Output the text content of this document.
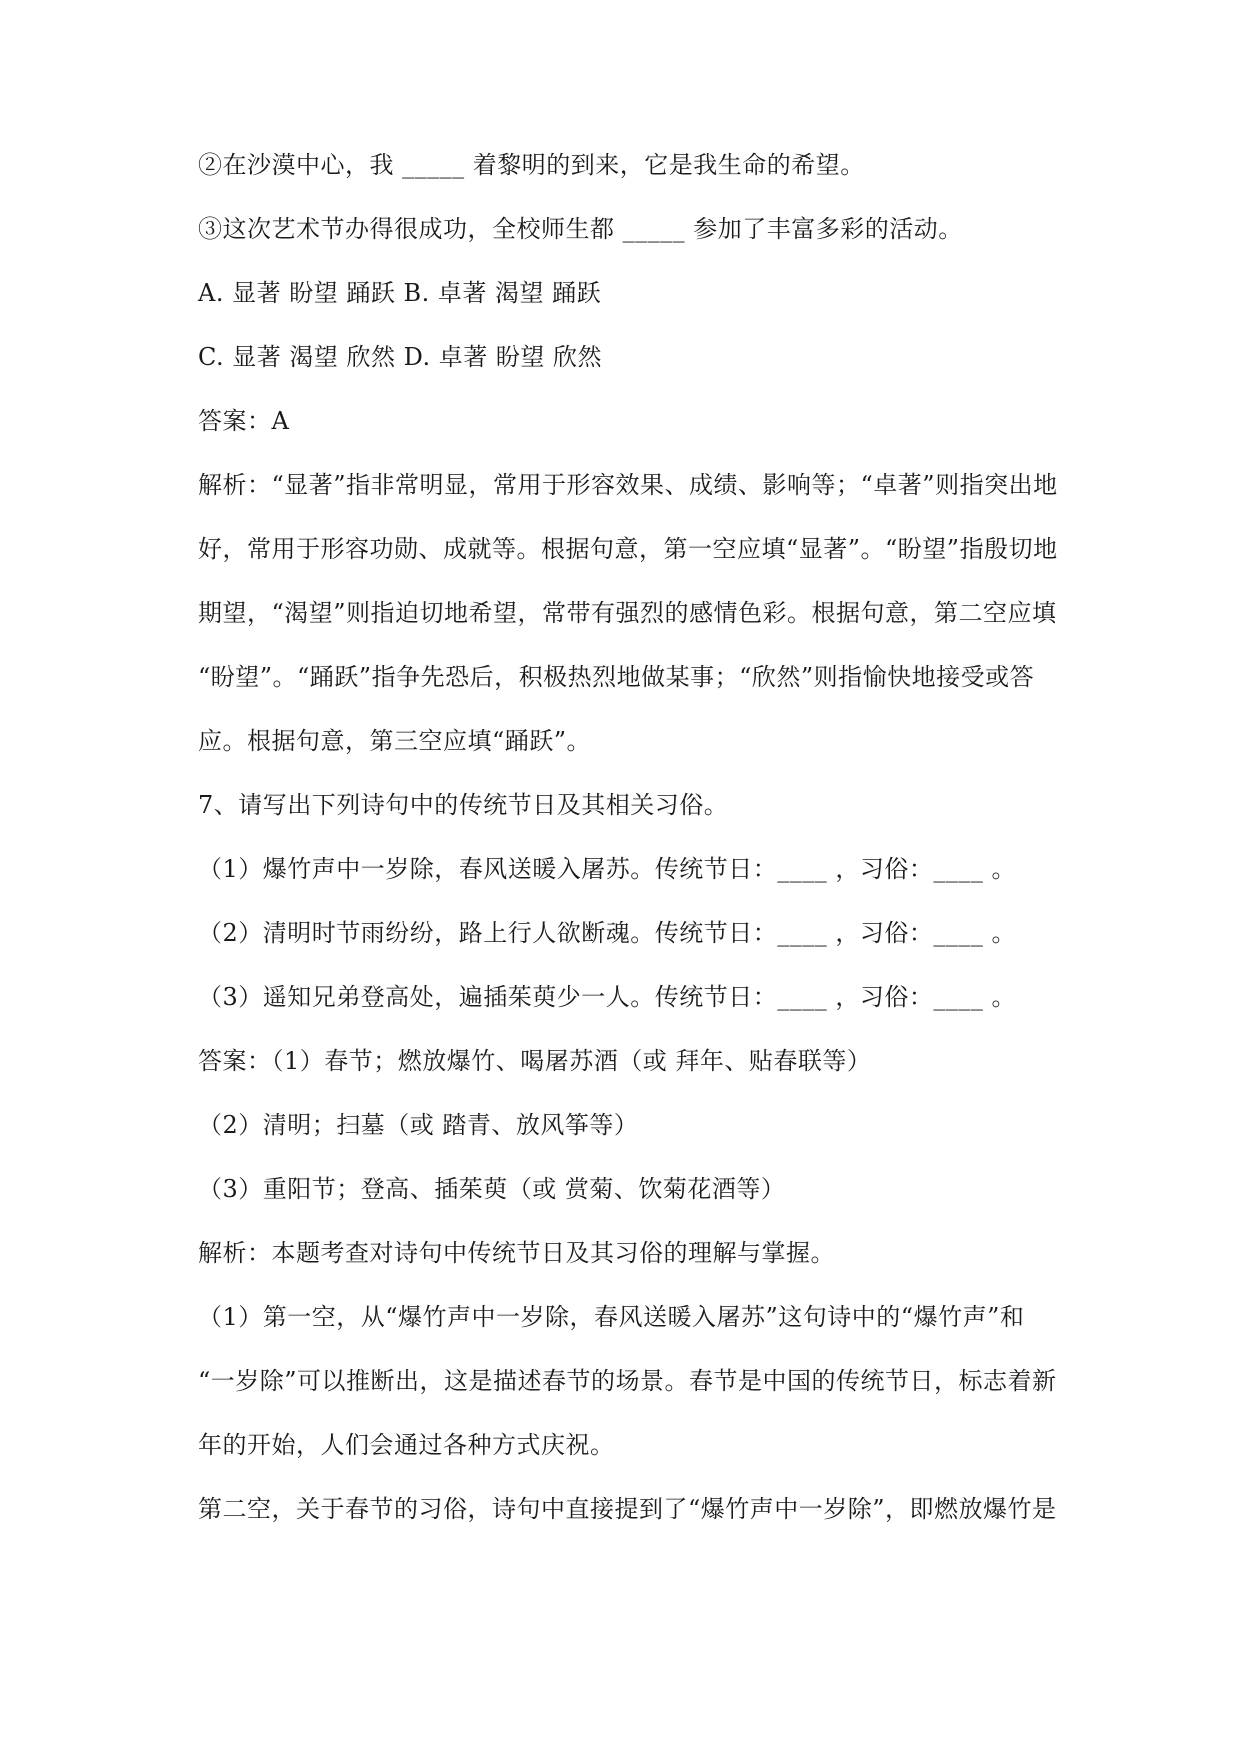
②在沙漠中心，我 _____ 着黎明的到来，它是我生命的希望。
③这次艺术节办得很成功，全校师生都 _____ 参加了丰富多彩的活动。
A. 显著 盼望 踊跃 B. 卓著 渴望 踊跃
C. 显著 渴望 欣然 D. 卓著 盼望 欣然
答案：A
解析：“显著”指非常明显，常用于形容效果、成绩、影响等；“卓著”则指突出地
好，常用于形容功勋、成就等。根据句意，第一空应填“显著”。“盼望”指殷切地
期望，“渴望”则指迫切地希望，常带有强烈的感情色彩。根据句意，第二空应填
“盼望”。“踊跃”指争先恐后，积极热烈地做某事；“欣然”则指愉快地接受或答
应。根据句意，第三空应填“踊跃”。
7、请写出下列诗句中的传统节日及其相关习俗。
（1）爆竹声中一岁除，春风送暖入屠苏。传统节日：____ ，习俗：____ 。
（2）清明时节雨纷纷，路上行人欲断魂。传统节日：____ ，习俗：____ 。
（3）遥知兄弟登高处，遍插茱萸少一人。传统节日：____ ，习俗：____ 。
答案：（1）春节；燃放爆竹、喝屠苏酒（或 拜年、贴春联等）
（2）清明；扫墓（或 踏青、放风筝等）
（3）重阳节；登高、插茱萸（或 赏菊、饮菊花酒等）
解析：本题考查对诗句中传统节日及其习俗的理解与掌握。
（1）第一空，从“爆竹声中一岁除，春风送暖入屠苏”这句诗中的“爆竹声”和
“一岁除”可以推断出，这是描述春节的场景。春节是中国的传统节日，标志着新
年的开始，人们会通过各种方式庆祝。
第二空，关于春节的习俗，诗句中直接提到了“爆竹声中一岁除”，即燃放爆竹是
